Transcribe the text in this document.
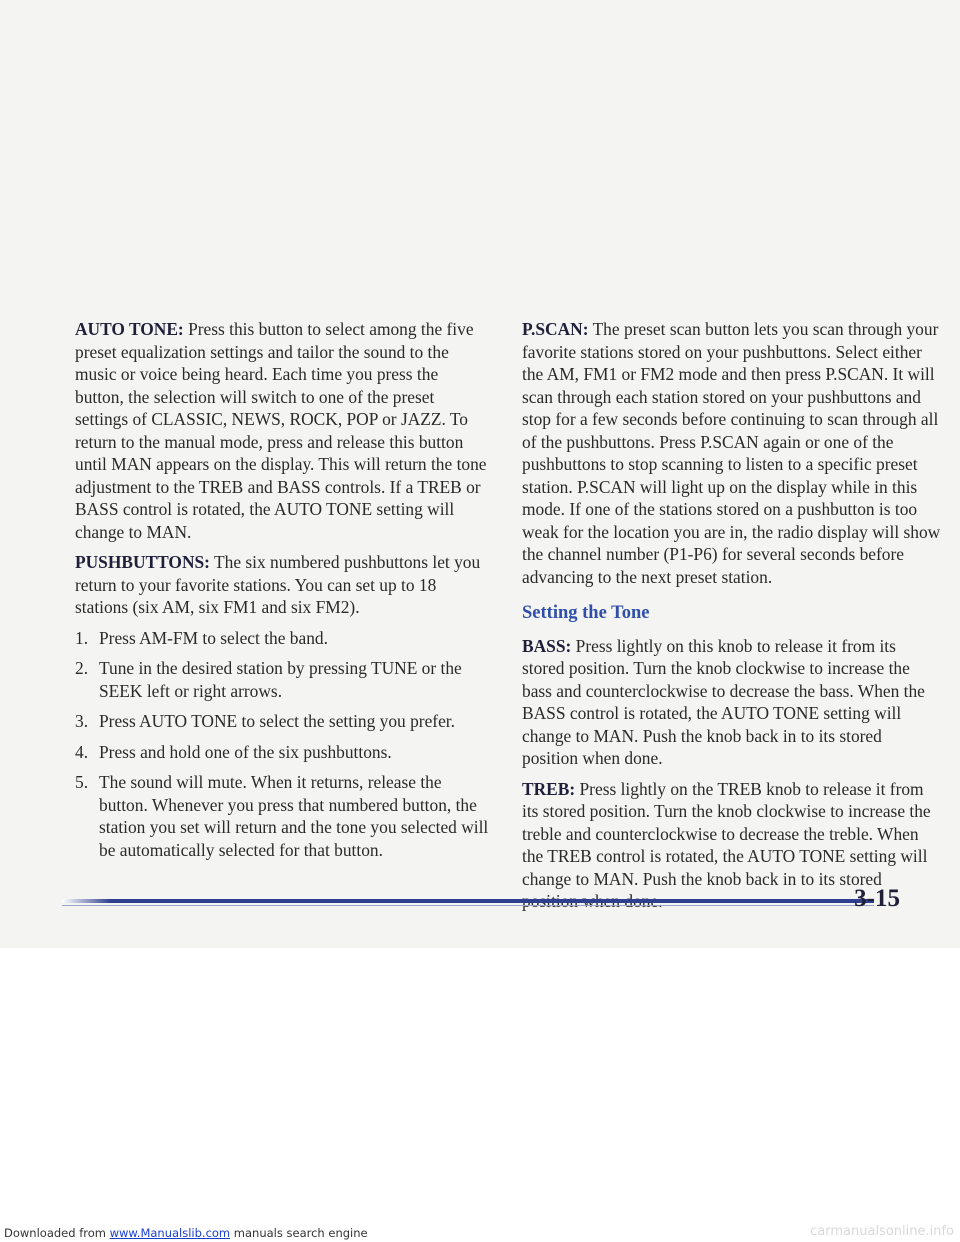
AUTO TONE: Press this button to select among the five preset equalization settings and tailor the sound to the music or voice being heard. Each time you press the button, the selection will switch to one of the preset settings of CLASSIC, NEWS, ROCK, POP or JAZZ. To return to the manual mode, press and release this button until MAN appears on the display. This will return the tone adjustment to the TREB and BASS controls. If a TREB or BASS control is rotated, the AUTO TONE setting will change to MAN.

PUSHBUTTONS: The six numbered pushbuttons let you return to your favorite stations. You can set up to 18 stations (six AM, six FM1 and six FM2).

1. Press AM-FM to select the band.
2. Tune in the desired station by pressing TUNE or the SEEK left or right arrows.
3. Press AUTO TONE to select the setting you prefer.
4. Press and hold one of the six pushbuttons.
5. The sound will mute. When it returns, release the button. Whenever you press that numbered button, the station you set will return and the tone you selected will be automatically selected for that button.

P.SCAN: The preset scan button lets you scan through your favorite stations stored on your pushbuttons. Select either the AM, FM1 or FM2 mode and then press P.SCAN. It will scan through each station stored on your pushbuttons and stop for a few seconds before continuing to scan through all of the pushbuttons. Press P.SCAN again or one of the pushbuttons to stop scanning to listen to a specific preset station. P.SCAN will light up on the display while in this mode. If one of the stations stored on a pushbutton is too weak for the location you are in, the radio display will show the channel number (P1-P6) for several seconds before advancing to the next preset station.

Setting the Tone

BASS: Press lightly on this knob to release it from its stored position. Turn the knob clockwise to increase the bass and counterclockwise to decrease the bass. When the BASS control is rotated, the AUTO TONE setting will change to MAN. Push the knob back in to its stored position when done.

TREB: Press lightly on the TREB knob to release it from its stored position. Turn the knob clockwise to increase the treble and counterclockwise to decrease the treble. When the TREB control is rotated, the AUTO TONE setting will change to MAN. Push the knob back in to its stored

3-15
Downloaded from www.Manualslib.com manuals search engine	carmanualsonline.info
